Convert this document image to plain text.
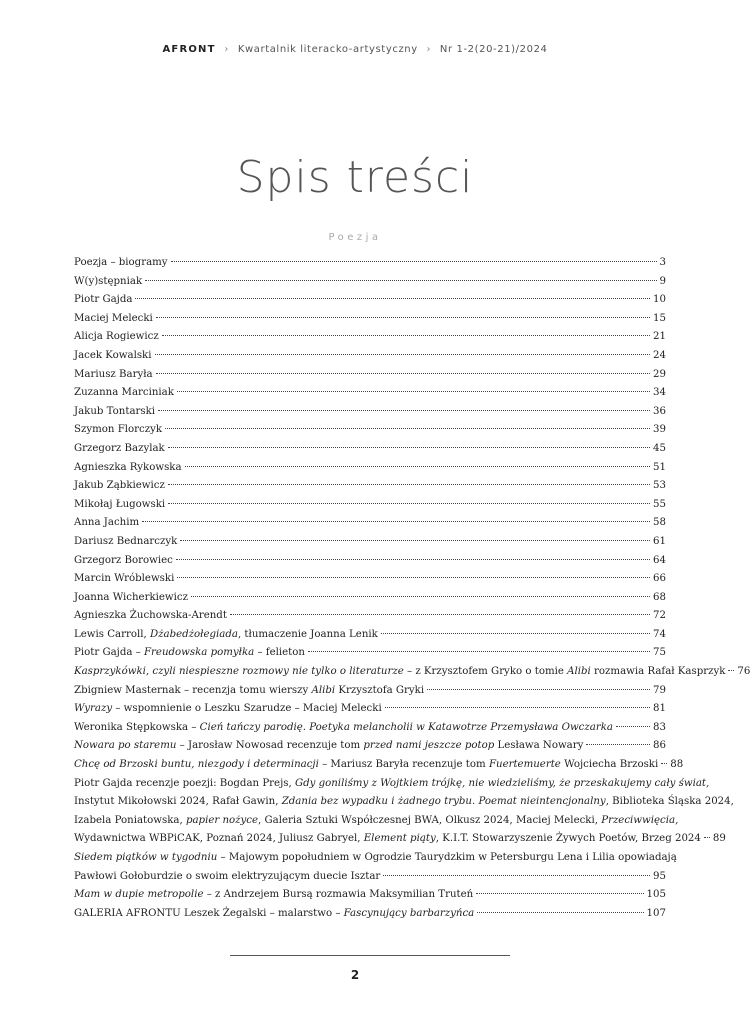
AFRONT › Kwartalnik literacko-artystyczny › Nr 1-2(20-21)/2024
Spis treści
Poezja
Poezja – biogramy	3
W(y)stępniak	9
Piotr Gajda	10
Maciej Melecki	15
Alicja Rogiewicz	21
Jacek Kowalski	24
Mariusz Baryła	29
Zuzanna Marciniak	34
Jakub Tontarski	36
Szymon Florczyk	39
Grzegorz Bazylak	45
Agnieszka Rykowska	51
Jakub Ząbkiewicz	53
Mikołaj Ługowski	55
Anna Jachim	58
Dariusz Bednarczyk	61
Grzegorz Borowiec	64
Marcin Wróblewski	66
Joanna Wicherkiewicz	68
Agnieszka Żuchowska-Arendt	72
Lewis Carroll, Dżabedżołegiada, tłumaczenie Joanna Lenik	74
Piotr Gajda – Freudowska pomyłka – felieton	75
Kasprzykówki, czyli niespieszne rozmowy nie tylko o literaturze – z Krzysztofem Gryko o tomie Alibi rozmawia Rafał Kasprzyk 76
Zbigniew Masternak – recenzja tomu wierszy Alibi Krzysztofa Gryki	79
Wyrazy – wspomnienie o Leszku Szarudze – Maciej Melecki	81
Weronika Stępkowska – Cień tańczy parodię. Poetyka melancholii w Katawotrze Przemysława Owczarka	83
Nowara po staremu – Jarosław Nowosad recenzuje tom przed nami jeszcze potop Lesława Nowary	86
Chcę od Brzoski buntu, niezgody i determinacji – Mariusz Baryła recenzuje tom Fuertemuerte Wojciecha Brzoski 88
Piotr Gajda recenzje poezji: Bogdan Prejs, Gdy goniliśmy z Wojtkiem trójkę, nie wiedzieliśmy, że przeskakujemy cały świat,
Instytut Mikołowski 2024, Rafał Gawin, Zdania bez wypadku i żadnego trybu. Poemat nieintencjonalny, Biblioteka Śląska 2024,
Izabela Poniatowska, papier nożyce, Galeria Sztuki Współczesnej BWA, Olkusz 2024, Maciej Melecki, Przeciwwięcia,
Wydawnictwa WBPiCAK, Poznań 2024, Juliusz Gabryel, Element piąty, K.I.T. Stowarzyszenie Żywych Poetów, Brzeg 2024 89
Siedem piątków w tygodniu – Majowym popołudniem w Ogrodzie Taurydzkim w Petersburgu Lena i Lilia opowiadają
Pawłowi Gołoburdzie o swoim elektryzującym duecie Isztar	95
Mam w dupie metropolie – z Andrzejem Bursą rozmawia Maksymilian Truteń	105
GALERIA AFRONTU Leszek Żegalski – malarstwo – Fascynujący barbarzyńca	107
2
